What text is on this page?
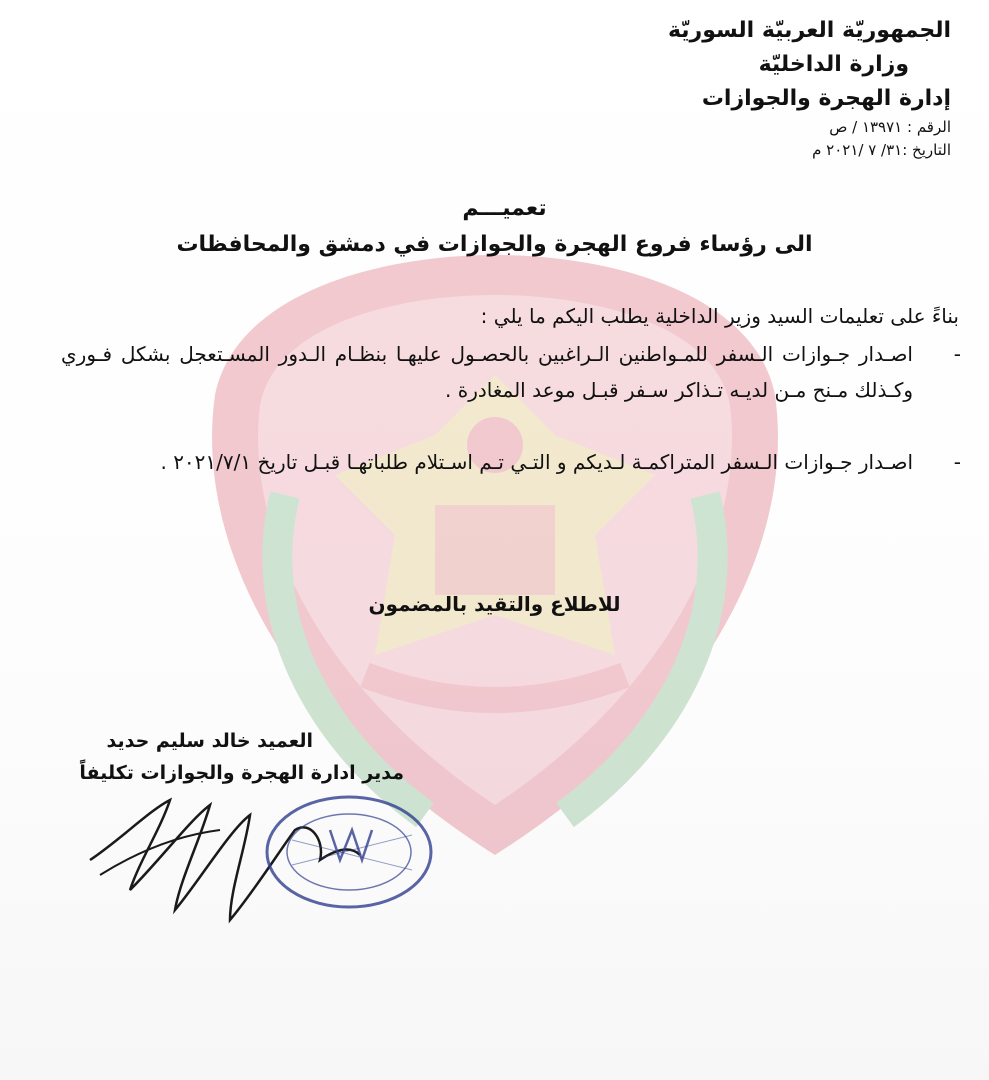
الجمهوريّة العربيّة السوريّة
وزارة الداخليّة
إدارة الهجرة والجوازات
الرقم : ١٣٩٧١ / ص
التاريخ :٣١/ ٧ /٢٠٢١ م
تعميـــم
الى رؤساء فروع الهجرة والجوازات في دمشق والمحافظات
بناءً على تعليمات السيد وزير الداخلية يطلب اليكم ما يلي :
-
اصـدار جـوازات الـسفر للمـواطنين الـراغبين بالحصـول عليهـا بنظـام الـدور المسـتعجل بشكل فـوري وكـذلك مـنح مـن لديـه تـذاكر سـفر قبـل موعد المغادرة .
-
اصـدار جـوازات الـسفر المتراكمـة لـديكم و التـي تـم اسـتلام طلباتهـا قبـل تاريخ ٢٠٢١/٧/١ .
للاطلاع والتقيد بالمضمون
العميد خالد سليم حديد
مدير ادارة الهجرة والجوازات تكليفاً
